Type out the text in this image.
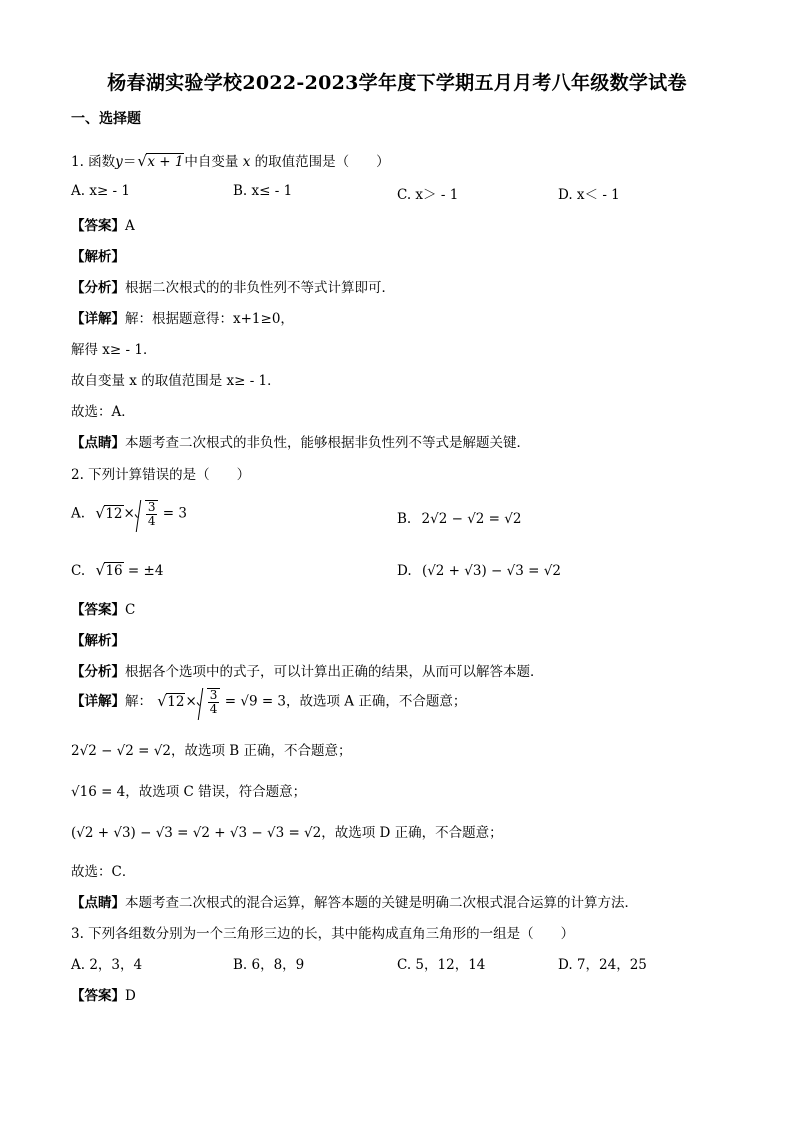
杨春湖实验学校2022-2023学年度下学期五月月考八年级数学试卷
一、选择题
1. 函数y＝ √ x + 1中自变量 x 的取值范围是（　　）
A. x≥ - 1	B. x≤ - 1	C. x＞ - 1	D. x＜ - 1
【答案】A
【解析】
【分析】根据二次根式的的非负性列不等式计算即可．
【详解】解：根据题意得：x+1≥0，
解得 x≥ - 1．
故自变量 x 的取值范围是 x≥ - 1．
故选：A．
【点睛】本题考查二次根式的非负性，能够根据非负性列不等式是解题关键．
2. 下列计算错误的是（　　）
A. √ $12\times \frac{3}{4} = 3$	B. 2√2 − √2 = √2
C. √ 16 = ±4	D. (√2 + √3) − √3 = √2
【答案】C
【解析】
【分析】根据各个选项中的式子，可以计算出正确的结果，从而可以解答本题．
【详解】解： √ $12\times \frac{3}{4} = √9 = 3$，故选项 A 正确，不合题意；
2√2 − √2 = √2，故选项 B 正确，不合题意；
√16 = 4，故选项 C 错误，符合题意；
(√2 + √3) − √3 = √2 + √3 − √3 = √2，故选项 D 正确，不合题意；
故选：C．
【点睛】本题考查二次根式的混合运算，解答本题的关键是明确二次根式混合运算的计算方法．
3. 下列各组数分别为一个三角形三边的长，其中能构成直角三角形的一组是（　　）
A. 2，3，4	B. 6，8，9	C. 5，12，14	D. 7，24，25
【答案】D
